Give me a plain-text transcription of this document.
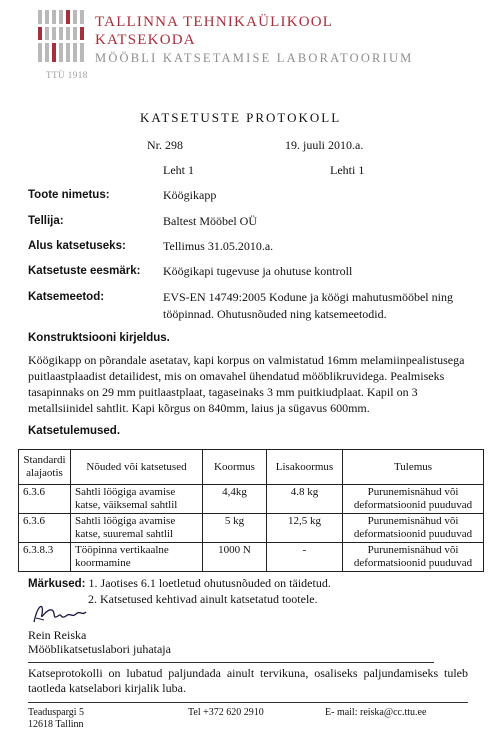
TALLINNA TEHNIKAÜLIKOOL
KATSEKODA
MÖÖBLI KATSETAMISE LABORATOORIUM
TTÜ 1918
KATSETUSTE PROTOKOLL
Nr. 298	19. juuli 2010.a.
Leht 1	Lehti 1
Toote nimetus:	Köögikapp
Tellija:	Baltest Mööbel OÜ
Alus katsetuseks:	Tellimus 31.05.2010.a.
Katsetuste eesmärk: Köögikapi tugevuse ja ohutuse kontroll
Katsemeetod:	EVS-EN 14749:2005 Kodune ja köögi mahutusmööbel ning tööpinnad. Ohutusnõuded ning katsemeetodid.
Konstruktsiooni kirjeldus.
Köögikapp on põrandale asetatav, kapi korpus on valmistatud 16mm melamiinpealistusega puitlaastplaadist detailidest, mis on omavahel ühendatud mööblikruvidega. Pealmiseks tasapinnaks on 29 mm puitlaastplaat, tagaseinaks 3 mm puitkiudplaat. Kapil on 3 metallsiinidel sahtlit. Kapi kõrgus on 840mm, laius ja sügavus 600mm.
Katsetulemused.
Standardi alajaotis	Nõuded või katsetused	Koormus	Lisakoormus	Tulemus
6.3.6	Sahtli löögiga avamise katse, väiksemal sahtlil	4,4kg	4.8 kg	Purunemisnähud või deformatsioonid puuduvad
6.3.6	Sahtli löögiga avamise katse, suuremal sahtlil	5 kg	12,5 kg	Purunemisnähud või deformatsioonid puuduvad
6.3.8.3	Tööpinna vertikaalne koormamine	1000 N	-	Purunemisnähud või deformatsioonid puuduvad
Märkused: 1. Jaotises 6.1 loetletud ohutusnõuded on täidetud.
2. Katsetused kehtivad ainult katsetatud tootele.
Rein Reiska
Mööblikatsetuslabori juhataja
Katseprotokolli on lubatud paljundada ainult tervikuna, osaliseks paljundamiseks tuleb taotleda katselabori kirjalik luba.
Teaduspargi 5
12618 Tallinn
Tel +372 620 2910	E- mail: reiska@cc.ttu.ee
